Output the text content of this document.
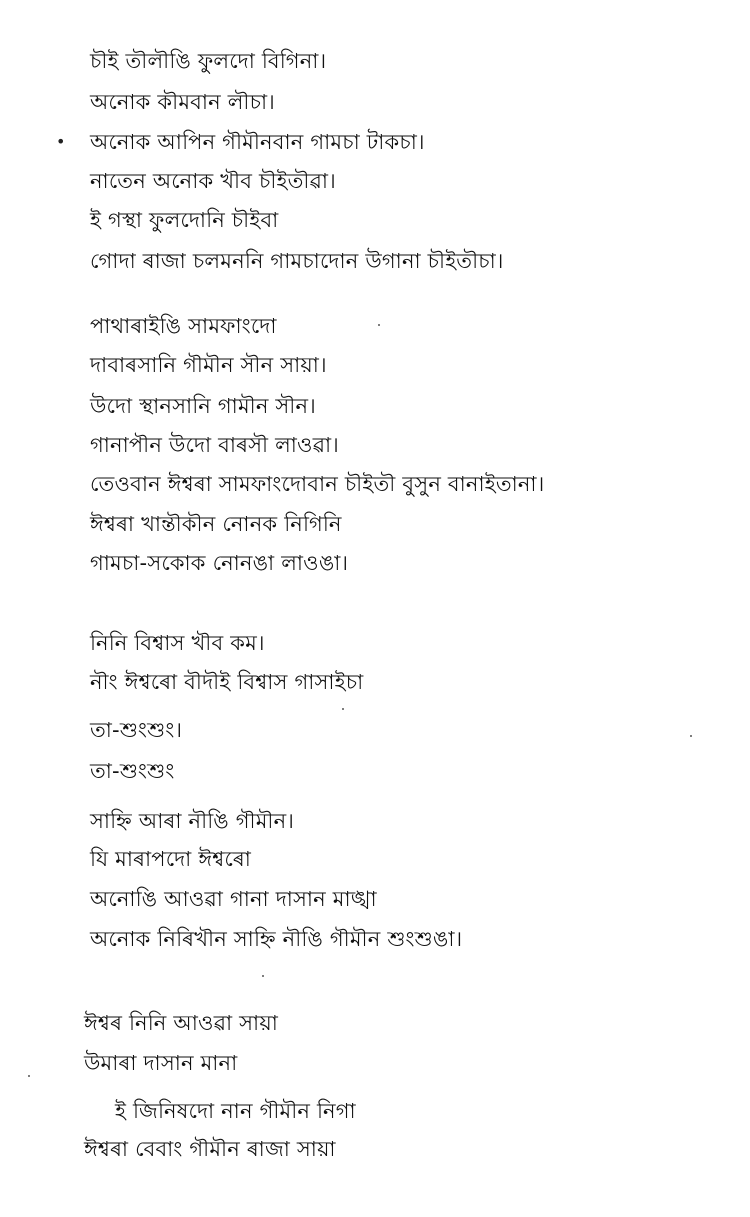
•
চৗই তৗলৗঙি ফুলদো বিগিনা।
অনোক কৗমবান লৗচা।
অনোক আপিন গৗমৗনবান গামচা টাকচা।
নাতেন অনোক খৗব চৗইতৗৱা।
ই গস্থা ফুলদোনি চৗইবা
গোদা ৰাজা চলমননি গামচাদোন উগানা চৗইতৗচা।
পাথাৰাইঙি সামফাংদো
দাবাৰসানি গৗমৗন সৗন সায়া।
উদো স্থানসানি গামৗন সৗন।
গানাপৗন উদো বাৰসৗ লাওৱা।
তেওবান ঈশ্বৰা সামফাংদোবান চৗইতৗ বুসুন বানাইতানা।
ঈশ্বৰা খান্তৗকৗন নোনক নিগিনি
গামচা-সকোক নোনঙা লাওঙা।
নিনি বিশ্বাস খৗব কম।
নৗং ঈশ্বৰো বৗদৗই বিশ্বাস গাসাইচা
তা-শুংশুং।
তা-শুংশুং
সাহ্নি আৰা নৗঙি গৗমৗন।
যি মাৰাপদো ঈশ্বৰো
অনোঙি আওৱা গানা দাসান মাঙ্খা
অনোক নিৰিখৗন সাহ্নি নৗঙি গৗমৗন শুংশুঙা।
ঈশ্বৰ নিনি আওৱা সায়া
উমাৰা দাসান মানা
ই জিনিষদো নান গৗমৗন নিগা
ঈশ্বৰা বেবাং গৗমৗন ৰাজা সায়া
